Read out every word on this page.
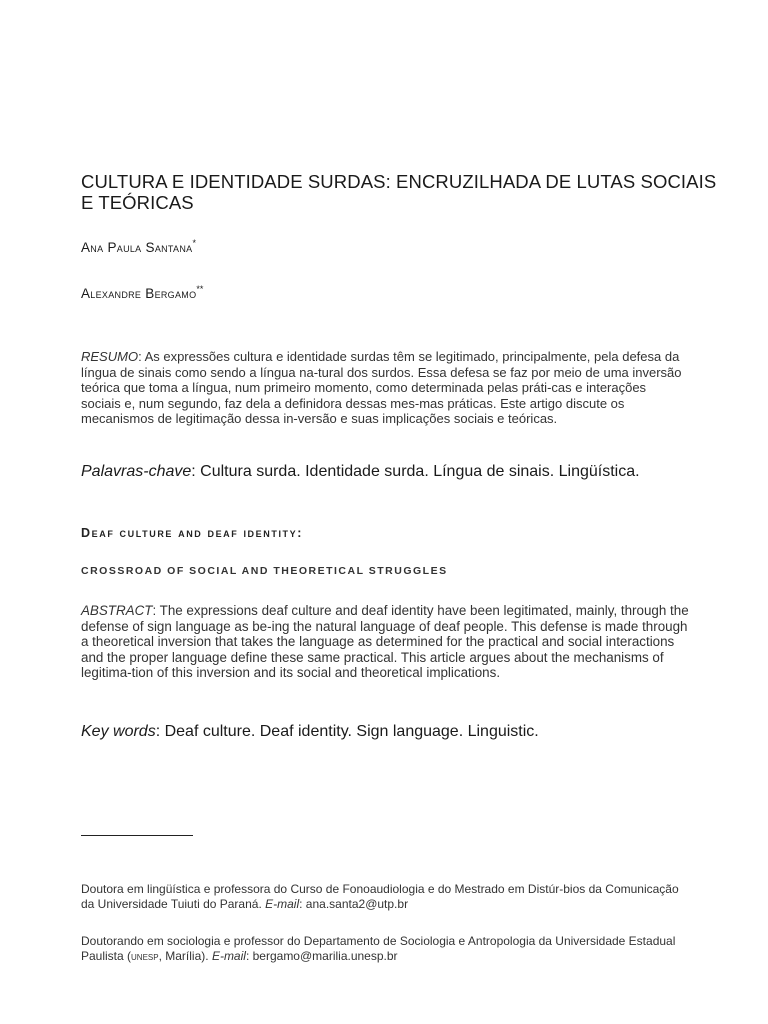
CULTURA E IDENTIDADE SURDAS: ENCRUZILHADA DE LUTAS SOCIAIS E TEÓRICAS

Ana Paula Santana*

Alexandre Bergamo**

RESUMO: As expressões cultura e identidade surdas têm se legitimado, principalmente, pela defesa da língua de sinais como sendo a língua na-tural dos surdos. Essa defesa se faz por meio de uma inversão teórica que toma a língua, num primeiro momento, como determinada pelas práti-cas e interações sociais e, num segundo, faz dela a definidora dessas mes-mas práticas. Este artigo discute os mecanismos de legitimação dessa in-versão e suas implicações sociais e teóricas.

Palavras-chave: Cultura surda. Identidade surda. Língua de sinais. Lingüística.

Deaf culture and deaf identity:

CROSSROAD OF SOCIAL AND THEORETICAL STRUGGLES

ABSTRACT: The expressions deaf culture and deaf identity have been legitimated, mainly, through the defense of sign language as be-ing the natural language of deaf people. This defense is made through a theoretical inversion that takes the language as determined for the practical and social interactions and the proper language define these same practical. This article argues about the mechanisms of legitima-tion of this inversion and its social and theoretical implications.

Key words: Deaf culture. Deaf identity. Sign language. Linguistic.

Doutora em lingüística e professora do Curso de Fonoaudiologia e do Mestrado em Distúr-bios da Comunicação da Universidade Tuiuti do Paraná. E-mail: ana.santa2@utp.br

Doutorando em sociologia e professor do Departamento de Sociologia e Antropologia da Universidade Estadual Paulista (unesp, Marília). E-mail: bergamo@marilia.unesp.br
